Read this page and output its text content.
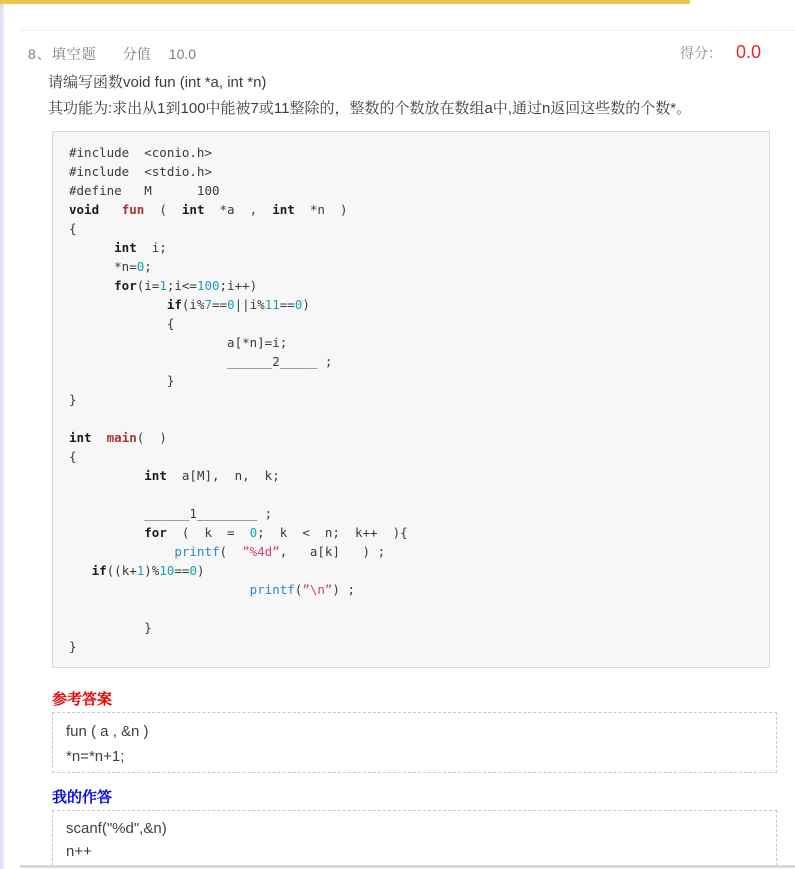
8、填空题 分值 10.0	得分： 0.0
请编写函数void fun (int *a, int *n)
其功能为:求出从1到100中能被7或11整除的，整数的个数放在数组a中,通过n返回这些数的个数*。
#include  <conio.h>
#include  <stdio.h>
#define   M      100
void fun  (  int  *a  ,  int  *n  )
{
int  i;
*n=0;
for(i=1;i<=100;i++)
if(i%7==0||i%11==0)
{
a[*n]=i;
______2_____ ;
}
}

int main(  )
{
int  a[M],  n,  k;

______1________ ;
for  (  k  =  0;  k  <  n;  k++  ){
printf(  ”%4d”,   a[k]   ) ;
if((k+1)%10==0)
printf(”\n”) ;

}
}
参考答案
fun ( a , &n )
*n=*n+1;
我的作答
scanf("%d",&n)
n++
